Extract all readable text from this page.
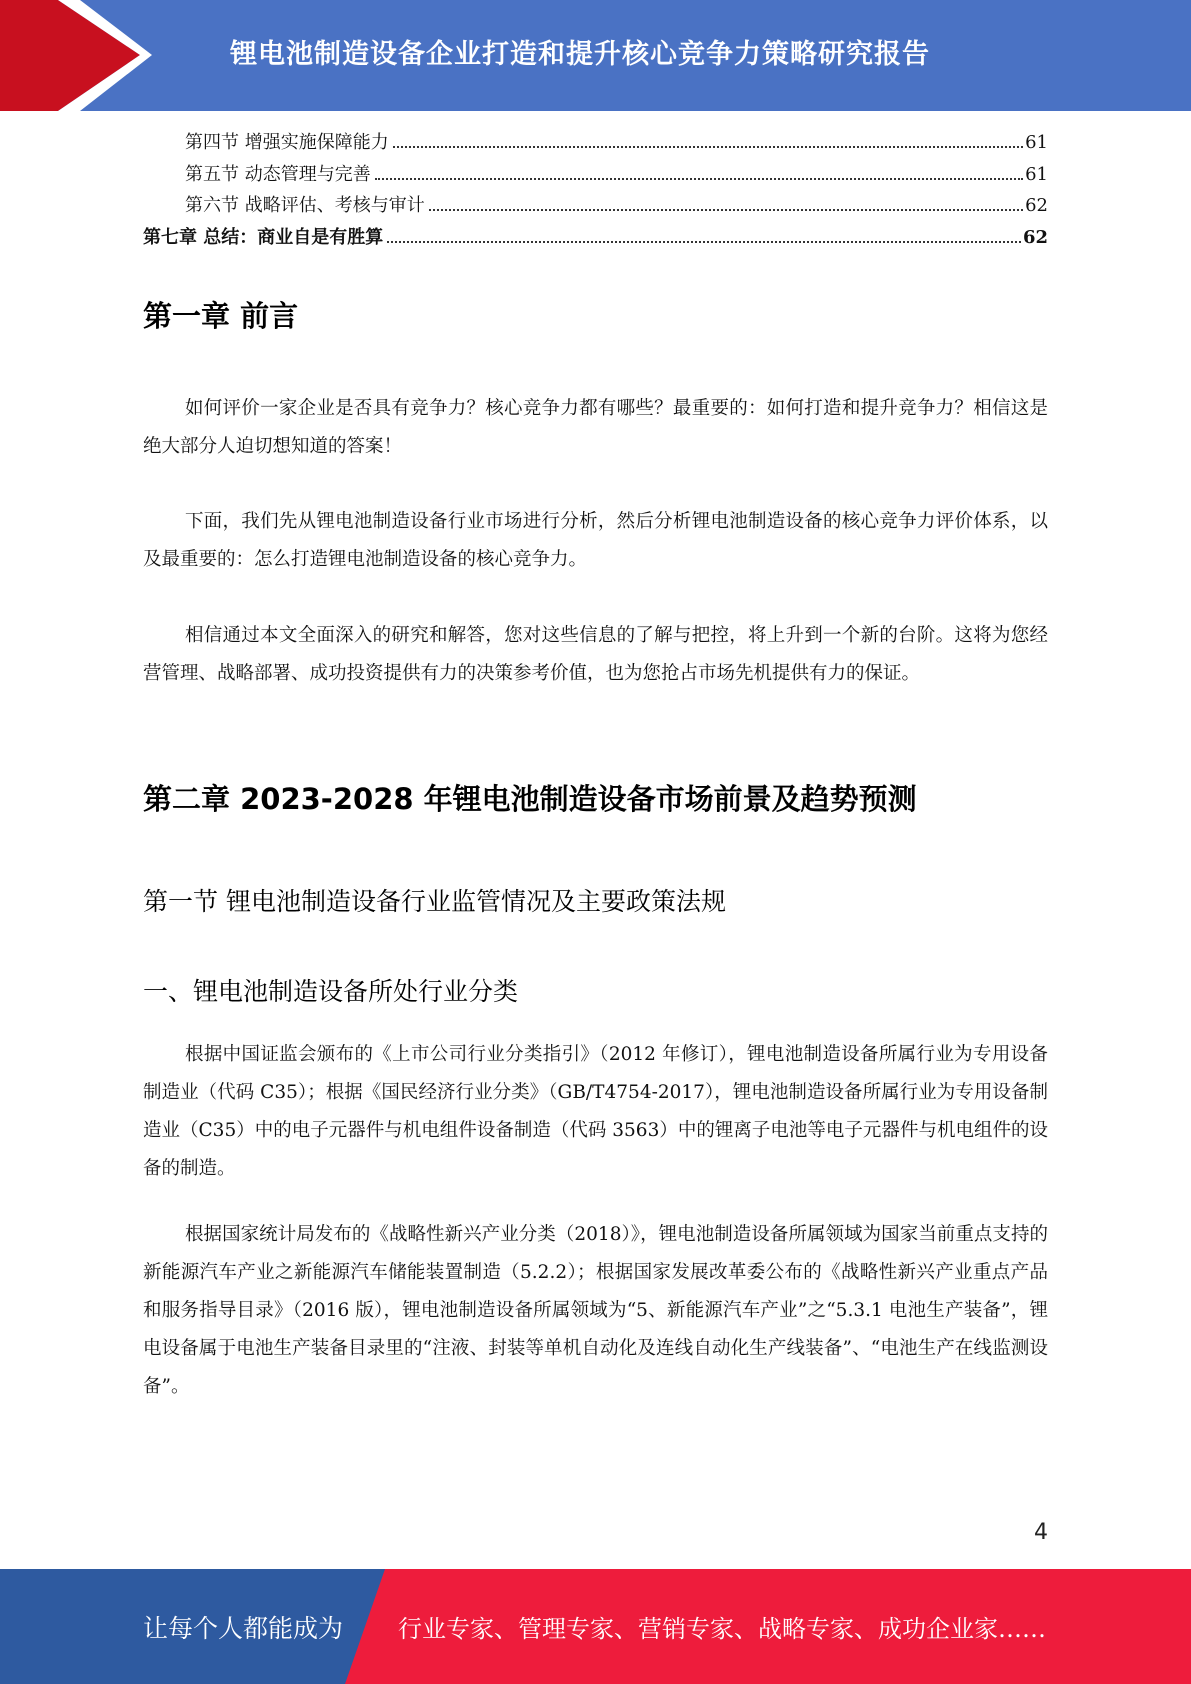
锂电池制造设备企业打造和提升核心竞争力策略研究报告
第四节 增强实施保障能力	61
第五节 动态管理与完善	61
第六节 战略评估、考核与审计	62
第七章 总结：商业自是有胜算	62
第一章 前言

如何评价一家企业是否具有竞争力？核心竞争力都有哪些？最重要的：如何打造和提升竞争力？相信这是绝大部分人迫切想知道的答案！

下面，我们先从锂电池制造设备行业市场进行分析，然后分析锂电池制造设备的核心竞争力评价体系，以及最重要的：怎么打造锂电池制造设备的核心竞争力。

相信通过本文全面深入的研究和解答，您对这些信息的了解与把控，将上升到一个新的台阶。这将为您经营管理、战略部署、成功投资提供有力的决策参考价值，也为您抢占市场先机提供有力的保证。

第二章 2023-2028 年锂电池制造设备市场前景及趋势预测
第一节 锂电池制造设备行业监管情况及主要政策法规
一、锂电池制造设备所处行业分类

根据中国证监会颁布的《上市公司行业分类指引》（2012 年修订），锂电池制造设备所属行业为专用设备制造业（代码 C35）；根据《国民经济行业分类》（GB/T4754-2017），锂电池制造设备所属行业为专用设备制造业（C35）中的电子元器件与机电组件设备制造（代码 3563）中的锂离子电池等电子元器件与机电组件的设备的制造。

根据国家统计局发布的《战略性新兴产业分类（2018）》，锂电池制造设备所属领域为国家当前重点支持的新能源汽车产业之新能源汽车储能装置制造（5.2.2）；根据国家发展改革委公布的《战略性新兴产业重点产品和服务指导目录》（2016 版），锂电池制造设备所属领域为“5、新能源汽车产业”之“5.3.1 电池生产装备”，锂电设备属于电池生产装备目录里的“注液、封装等单机自动化及连线自动化生产线装备”、“电池生产在线监测设备”。

4
让每个人都能成为 行业专家、管理专家、营销专家、战略专家、成功企业家……
